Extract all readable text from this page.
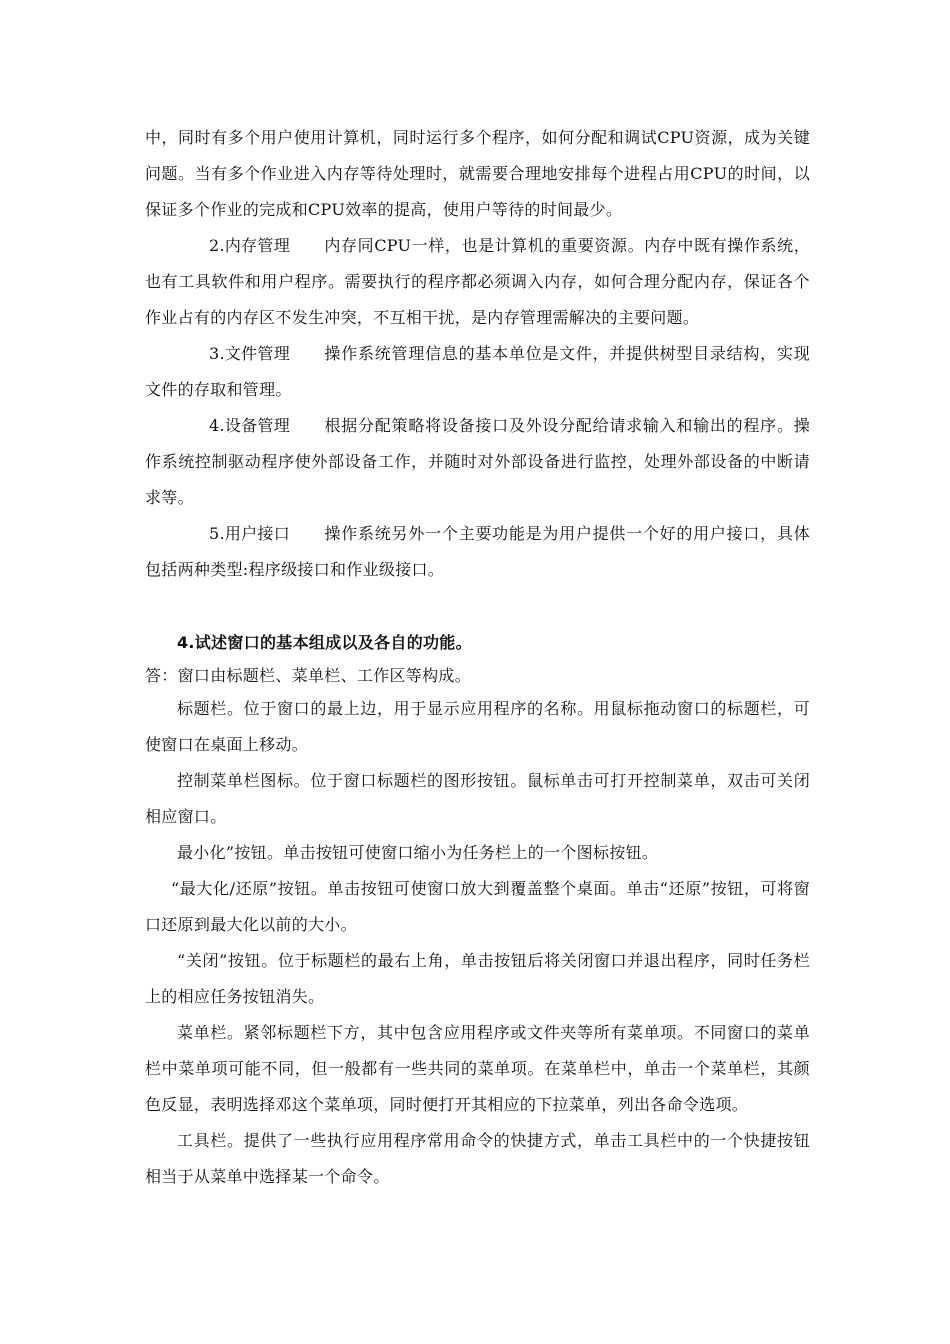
中，同时有多个用户使用计算机，同时运行多个程序，如何分配和调试CPU资源，成为关键问题。当有多个作业进入内存等待处理时，就需要合理地安排每个进程占用CPU的时间，以保证多个作业的完成和CPU效率的提高，使用户等待的时间最少。

2.内存管理 内存同CPU一样，也是计算机的重要资源。内存中既有操作系统，也有工具软件和用户程序。需要执行的程序都必须调入内存，如何合理分配内存，保证各个作业占有的内存区不发生冲突，不互相干扰，是内存管理需解决的主要问题。

3.文件管理 操作系统管理信息的基本单位是文件，并提供树型目录结构，实现文件的存取和管理。

4.设备管理 根据分配策略将设备接口及外设分配给请求输入和输出的程序。操作系统控制驱动程序使外部设备工作，并随时对外部设备进行监控，处理外部设备的中断请求等。

5.用户接口 操作系统另外一个主要功能是为用户提供一个好的用户接口，具体包括两种类型:程序级接口和作业级接口。

4.试述窗口的基本组成以及各自的功能。

答：窗口由标题栏、菜单栏、工作区等构成。

标题栏。位于窗口的最上边，用于显示应用程序的名称。用鼠标拖动窗口的标题栏，可使窗口在桌面上移动。

控制菜单栏图标。位于窗口标题栏的图形按钮。鼠标单击可打开控制菜单，双击可关闭相应窗口。

最小化”按钮。单击按钮可使窗口缩小为任务栏上的一个图标按钮。

“最大化/还原”按钮。单击按钮可使窗口放大到覆盖整个桌面。单击“还原”按钮，可将窗口还原到最大化以前的大小。

“关闭”按钮。位于标题栏的最右上角，单击按钮后将关闭窗口并退出程序，同时任务栏上的相应任务按钮消失。

菜单栏。紧邻标题栏下方，其中包含应用程序或文件夹等所有菜单项。不同窗口的菜单栏中菜单项可能不同，但一般都有一些共同的菜单项。在菜单栏中，单击一个菜单栏，其颜色反显，表明选择邓这个菜单项，同时便打开其相应的下拉菜单，列出各命令选项。

工具栏。提供了一些执行应用程序常用命令的快捷方式，单击工具栏中的一个快捷按钮相当于从菜单中选择某一个命令。
